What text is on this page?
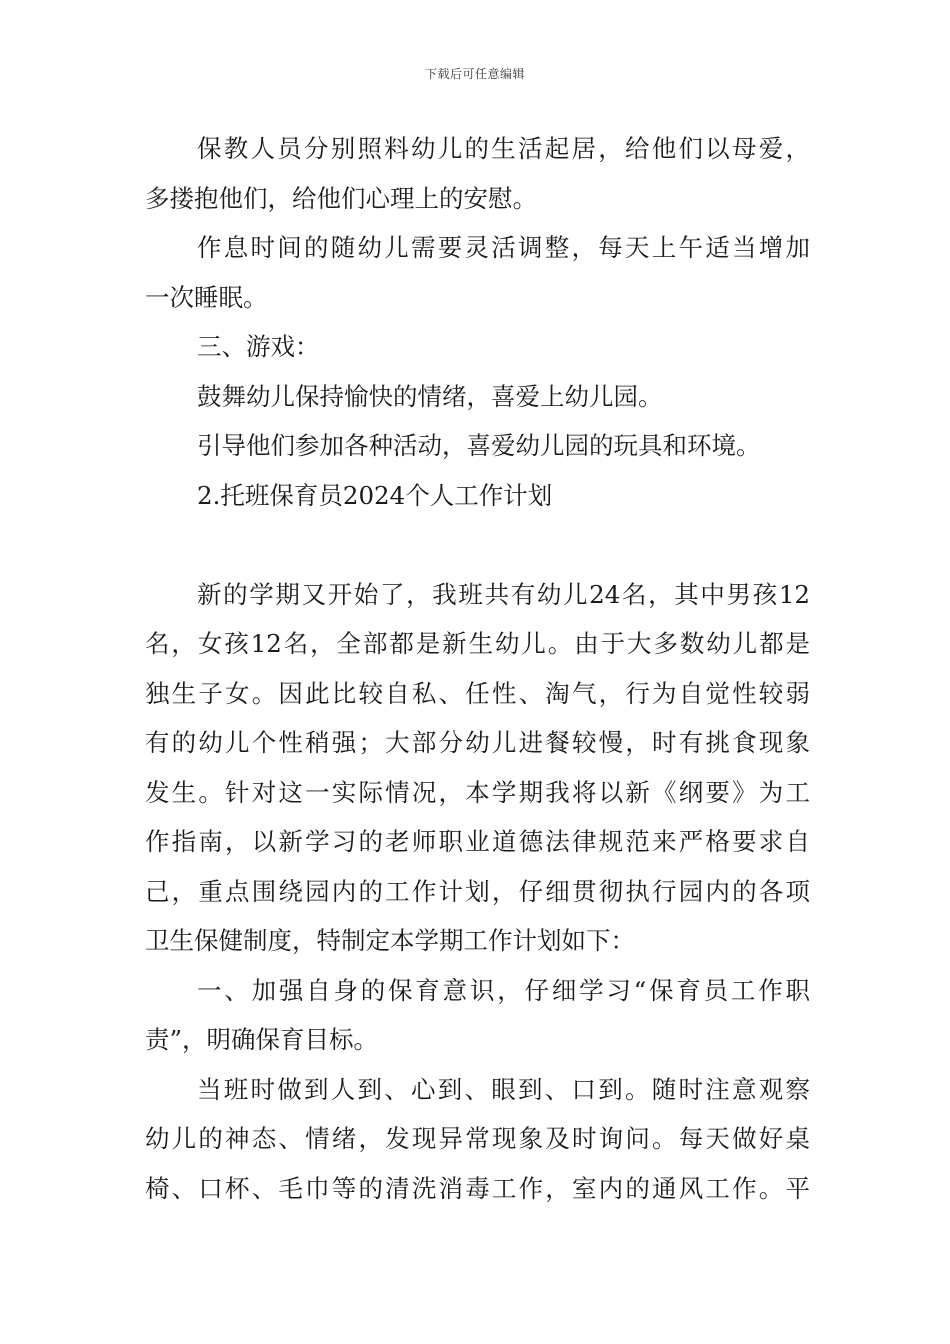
下载后可任意编辑
保教人员分别照料幼儿的生活起居，给他们以母爱，
多搂抱他们，给他们心理上的安慰。
作息时间的随幼儿需要灵活调整，每天上午适当增加
一次睡眠。
三、游戏：
鼓舞幼儿保持愉快的情绪，喜爱上幼儿园。
引导他们参加各种活动，喜爱幼儿园的玩具和环境。
2.托班保育员2024个人工作计划
新的学期又开始了，我班共有幼儿24名，其中男孩12
名，女孩12名，全部都是新生幼儿。由于大多数幼儿都是
独生子女。因此比较自私、任性、淘气，行为自觉性较弱
有的幼儿个性稍强；大部分幼儿进餐较慢，时有挑食现象
发生。针对这一实际情况，本学期我将以新《纲要》为工
作指南，以新学习的老师职业道德法律规范来严格要求自
己，重点围绕园内的工作计划，仔细贯彻执行园内的各项
卫生保健制度，特制定本学期工作计划如下：
一、加强自身的保育意识，仔细学习“保育员工作职
责”，明确保育目标。
当班时做到人到、心到、眼到、口到。随时注意观察
幼儿的神态、情绪，发现异常现象及时询问。每天做好桌
椅、口杯、毛巾等的清洗消毒工作，室内的通风工作。平
